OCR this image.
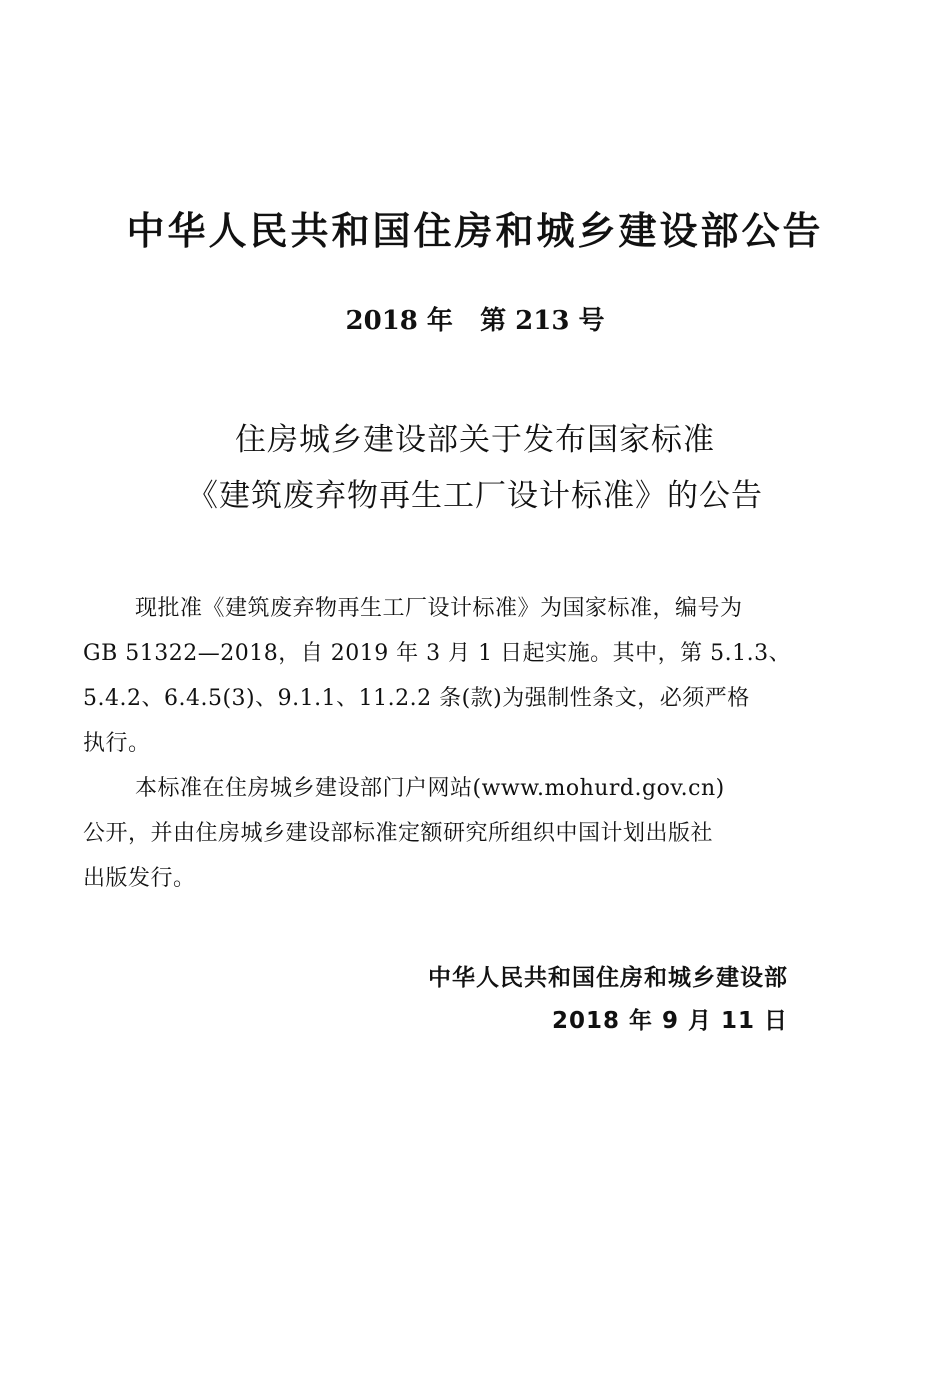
中华人民共和国住房和城乡建设部公告
2018 年   第 213 号
住房城乡建设部关于发布国家标准
《建筑废弃物再生工厂设计标准》的公告
现批准《建筑废弃物再生工厂设计标准》为国家标准，编号为
GB 51322—2018，自 2019 年 3 月 1 日起实施。其中，第 5.1.3、
5.4.2、6.4.5(3)、9.1.1、11.2.2 条(款)为强制性条文，必须严格
执行。
本标准在住房城乡建设部门户网站(www.mohurd.gov.cn)
公开，并由住房城乡建设部标准定额研究所组织中国计划出版社
出版发行。
中华人民共和国住房和城乡建设部
2018 年 9 月 11 日
